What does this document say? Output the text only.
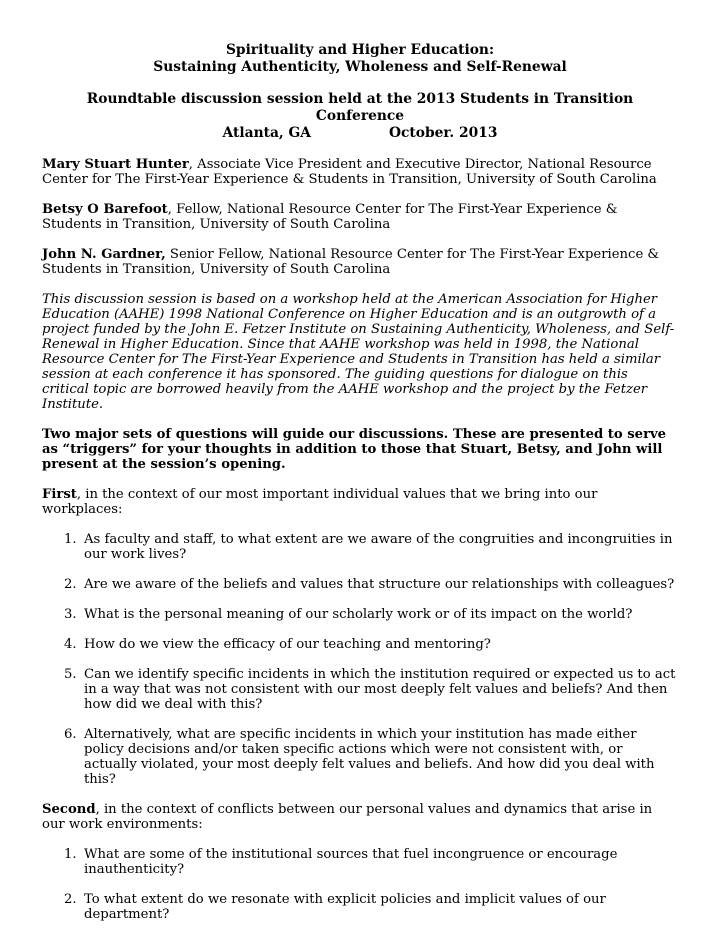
Spirituality and Higher Education:
Sustaining Authenticity, Wholeness and Self-Renewal
Roundtable discussion session held at the 2013 Students in Transition
Conference
Atlanta, GA	October. 2013

Mary Stuart Hunter, Associate Vice President and Executive Director, National Resource Center for The First-Year Experience & Students in Transition, University of South Carolina

Betsy O Barefoot, Fellow, National Resource Center for The First-Year Experience & Students in Transition, University of South Carolina

John N. Gardner, Senior Fellow, National Resource Center for The First-Year Experience & Students in Transition, University of South Carolina

This discussion session is based on a workshop held at the American Association for Higher Education (AAHE) 1998 National Conference on Higher Education and is an outgrowth of a project funded by the John E. Fetzer Institute on Sustaining Authenticity, Wholeness, and Self-Renewal in Higher Education. Since that AAHE workshop was held in 1998, the National Resource Center for The First-Year Experience and Students in Transition has held a similar session at each conference it has sponsored. The guiding questions for dialogue on this critical topic are borrowed heavily from the AAHE workshop and the project by the Fetzer Institute.

Two major sets of questions will guide our discussions. These are presented to serve as “triggers” for your thoughts in addition to those that Stuart, Betsy, and John will present at the session’s opening.

First, in the context of our most important individual values that we bring into our workplaces:

1. As faculty and staff, to what extent are we aware of the congruities and incongruities in our work lives?
2. Are we aware of the beliefs and values that structure our relationships with colleagues?
3. What is the personal meaning of our scholarly work or of its impact on the world?
4. How do we view the efficacy of our teaching and mentoring?
5. Can we identify specific incidents in which the institution required or expected us to act in a way that was not consistent with our most deeply felt values and beliefs? And then how did we deal with this?
6. Alternatively, what are specific incidents in which your institution has made either policy decisions and/or taken specific actions which were not consistent with, or actually violated, your most deeply felt values and beliefs. And how did you deal with this?

Second, in the context of conflicts between our personal values and dynamics that arise in our work environments:

1. What are some of the institutional sources that fuel incongruence or encourage inauthenticity?
2. To what extent do we resonate with explicit policies and implicit values of our department?
